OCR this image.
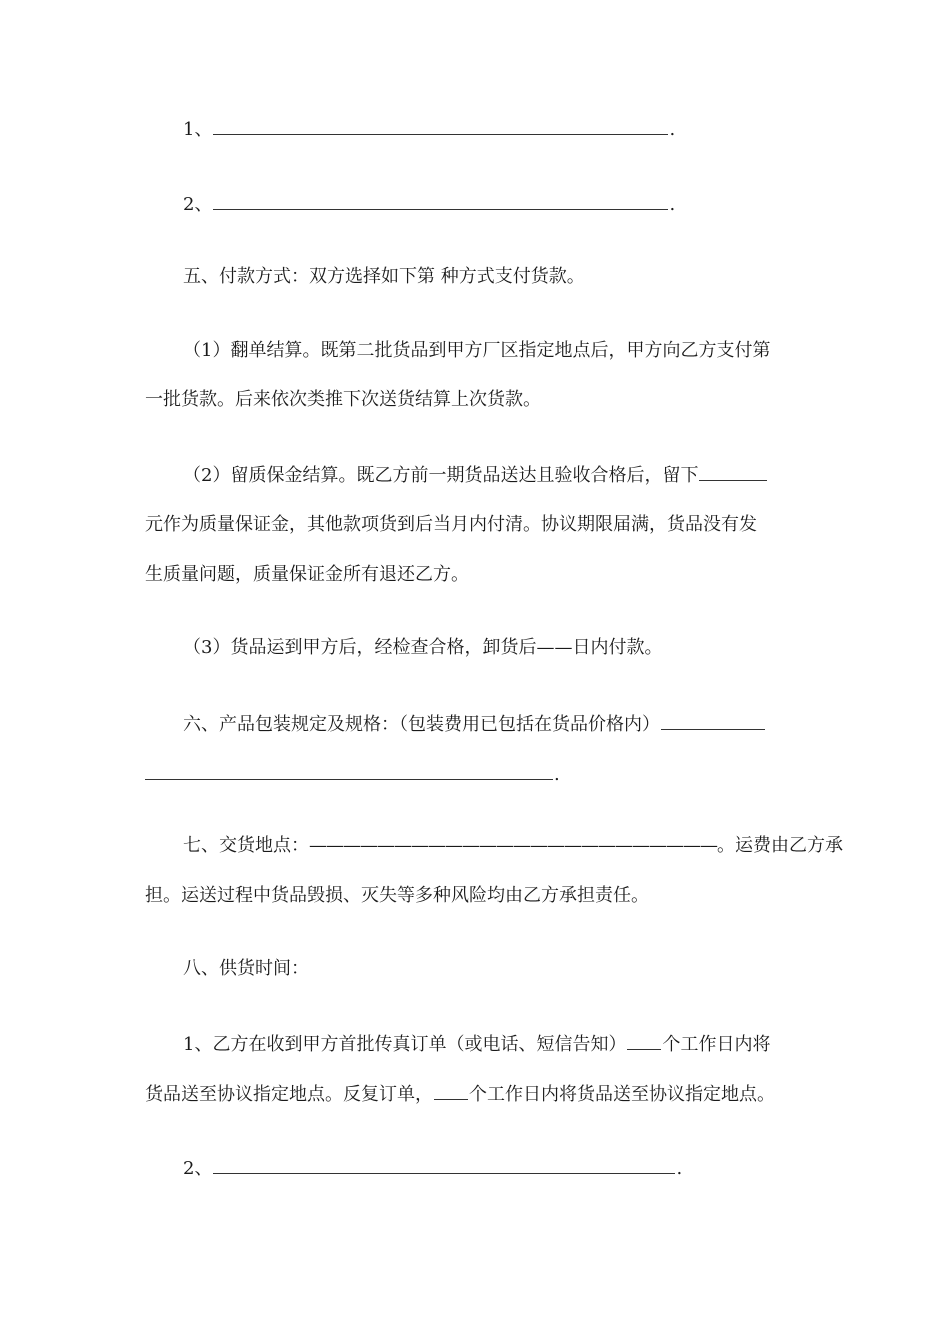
1、	.
2、	.
五、付款方式：双方选择如下第 种方式支付货款。
（1）翻单结算。既第二批货品到甲方厂区指定地点后，甲方向乙方支付第
一批货款。后来依次类推下次送货结算上次货款。
（2）留质保金结算。既乙方前一期货品送达且验收合格后，留下
元作为质量保证金，其他款项货到后当月内付清。协议期限届满，货品没有发
生质量问题，质量保证金所有退还乙方。
（3）货品运到甲方后，经检查合格，卸货后——日内付款。
六、产品包装规定及规格：（包装费用已包括在货品价格内）
.
七、交货地点：————————————————————————。运费由乙方承
担。运送过程中货品毁损、灭失等多种风险均由乙方承担责任。
八、供货时间：
1、乙方在收到甲方首批传真订单（或电话、短信告知） 个工作日内将
货品送至协议指定地点。反复订单， 个工作日内将货品送至协议指定地点。
2、	.
